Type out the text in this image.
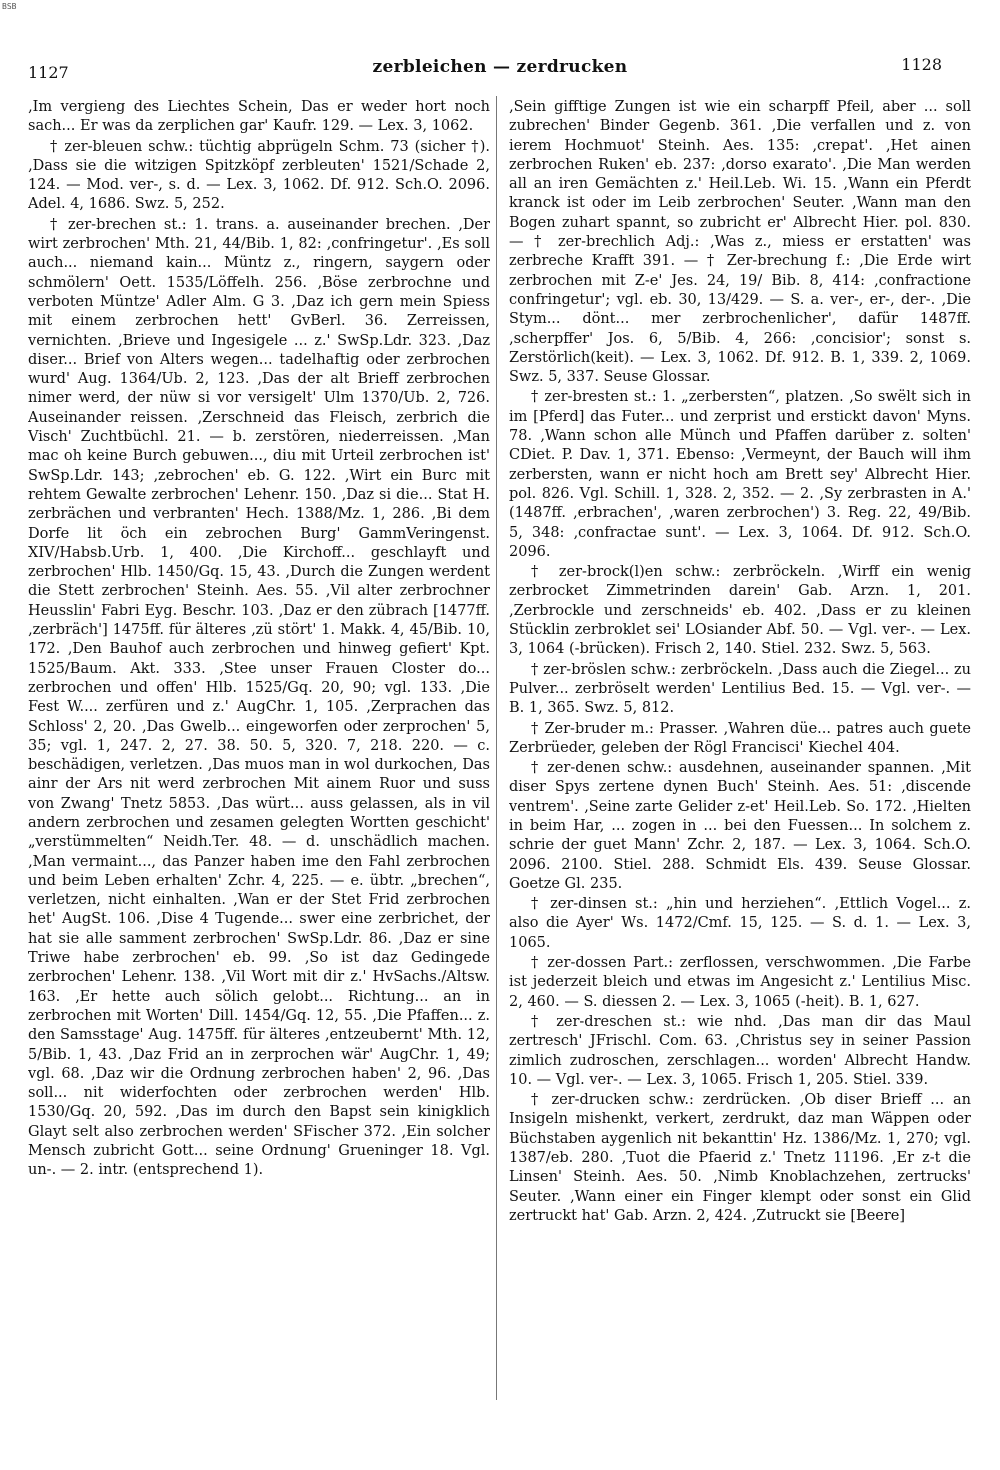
BSB
1127	zerbleichen — zerdrucken	1128

‚Im vergieng des Liechtes Schein, Das er weder hort noch sach... Er was da zerplichen gar' Kaufr. 129. — Lex. 3, 1062.

† zer-bleuen schw.: tüchtig abprügeln Schm. 73 (sicher †). ‚Dass sie die witzigen Spitzköpf zerbleuten' 1521/Schade 2, 124. — Mod. ver-, s. d. — Lex. 3, 1062. Df. 912. Sch.O. 2096. Adel. 4, 1686. Swz. 5, 252.

† zer-brechen st.: 1. trans. a. auseinander brechen. ‚Der wirt zerbrochen' Mth. 21, 44/Bib. 1, 82: ‚confringetur'. ‚Es soll auch... niemand kain... Müntz z., ringern, saygern oder schmölern' Oett. 1535/Löffelh. 256. ‚Böse zerbrochne und verboten Müntze' Adler Alm. G 3. ‚Daz ich gern mein Spiess mit einem zerbrochen hett' GvBerl. 36. Zerreissen, vernichten. ‚Brieve und Ingesigele ... z.' SwSp.Ldr. 323. ‚Daz diser... Brief von Alters wegen... tadelhaftig oder zerbrochen wurd' Aug. 1364/Ub. 2, 123. ‚Das der alt Brieff zerbrochen nimer werd, der nüw si vor versigelt' Ulm 1370/Ub. 2, 726. Auseinander reissen. ‚Zerschneid das Fleisch, zerbrich die Visch' Zuchtbüchl. 21. — b. zerstören, niederreissen. ‚Man mac oh keine Burch gebuwen..., diu mit Urteil zerbrochen ist' SwSp.Ldr. 143; ‚zebrochen' eb. G. 122. ‚Wirt ein Burc mit rehtem Gewalte zerbrochen' Lehenr. 150. ‚Daz si die... Stat H. zerbrächen und verbranten' Hech. 1388/Mz. 1, 286. ‚Bi dem Dorfe lit öch ein zebrochen Burg' GammVeringenst. XIV/Habsb.Urb. 1, 400. ‚Die Kirchoff... geschlayft und zerbrochen' Hlb. 1450/Gq. 15, 43. ‚Durch die Zungen werdent die Stett zerbrochen' Steinh. Aes. 55. ‚Vil alter zerbrochner Heusslin' Fabri Eyg. Beschr. 103. ‚Daz er den zübrach [1477ff. ‚zerbräch'] 1475ff. für älteres ‚zü stört' 1. Makk. 4, 45/Bib. 10, 172. ‚Den Bauhof auch zerbrochen und hinweg gefiert' Kpt. 1525/Baum. Akt. 333. ‚Stee unser Frauen Closter do... zerbrochen und offen' Hlb. 1525/Gq. 20, 90; vgl. 133. ‚Die Fest W.... zerfüren und z.' AugChr. 1, 105. ‚Zerprachen das Schloss' 2, 20. ‚Das Gwelb... eingeworfen oder zerprochen' 5, 35; vgl. 1, 247. 2, 27. 38. 50. 5, 320. 7, 218. 220. — c. beschädigen, verletzen. ‚Das muos man in wol durkochen, Das ainr der Ars nit werd zerbrochen Mit ainem Ruor und suss von Zwang' Tnetz 5853. ‚Das würt... auss gelassen, als in vil andern zerbrochen und zesamen gelegten Wortten geschicht' „verstümmelten“ Neidh.Ter. 48. — d. unschädlich machen. ‚Man vermaint..., das Panzer haben ime den Fahl zerbrochen und beim Leben erhalten' Zchr. 4, 225. — e. übtr. „brechen“, verletzen, nicht einhalten. ‚Wan er der Stet Frid zerbrochen het' AugSt. 106. ‚Dise 4 Tugende... swer eine zerbrichet, der hat sie alle samment zerbrochen' SwSp.Ldr. 86. ‚Daz er sine Triwe habe zerbrochen' eb. 99. ‚So ist daz Gedingede zerbrochen' Lehenr. 138. ‚Vil Wort mit dir z.' HvSachs./Altsw. 163. ‚Er hette auch sölich gelobt... Richtung... an in zerbrochen mit Worten' Dill. 1454/Gq. 12, 55. ‚Die Pfaffen... z. den Samsstage' Aug. 1475ff. für älteres ‚entzeubernt' Mth. 12, 5/Bib. 1, 43. ‚Daz Frid an in zerprochen wär' AugChr. 1, 49; vgl. 68. ‚Daz wir die Ordnung zerbrochen haben' 2, 96. ‚Das soll... nit widerfochten oder zerbrochen werden' Hlb. 1530/Gq. 20, 592. ‚Das im durch den Bapst sein kinigklich Glayt selt also zerbrochen werden' SFischer 372. ‚Ein solcher Mensch zubricht Gott... seine Ordnung' Grueninger 18. Vgl. un-. — 2. intr. (entsprechend 1).

‚Sein gifftige Zungen ist wie ein scharpff Pfeil, aber ... soll zubrechen' Binder Gegenb. 361. ‚Die verfallen und z. von ierem Hochmuot' Steinh. Aes. 135: ‚crepat'. ‚Het ainen zerbrochen Ruken' eb. 237: ‚dorso exarato'. ‚Die Man werden all an iren Gemächten z.' Heil.Leb. Wi. 15. ‚Wann ein Pferdt kranck ist oder im Leib zerbrochen' Seuter. ‚Wann man den Bogen zuhart spannt, so zubricht er' Albrecht Hier. pol. 830. — † zer-brechlich Adj.: ‚Was z., miess er erstatten' was zerbreche Krafft 391. — † Zer-brechung f.: ‚Die Erde wirt zerbrochen mit Z-e' Jes. 24, 19/ Bib. 8, 414: ‚confractione confringetur'; vgl. eb. 30, 13/429. — S. a. ver-, er-, der-. ‚Die Stym... dönt... mer zerbrochenlicher', dafür 1487ff. ‚scherpffer' Jos. 6, 5/Bib. 4, 266: ‚concisior'; sonst s. Zerstörlich(keit). — Lex. 3, 1062. Df. 912. B. 1, 339. 2, 1069. Swz. 5, 337. Seuse Glossar.

† zer-bresten st.: 1. „zerbersten“, platzen. ‚So swëlt sich in im [Pferd] das Futer... und zerprist und erstickt davon' Myns. 78. ‚Wann schon alle Münch und Pfaffen darüber z. solten' CDiet. P. Dav. 1, 371. Ebenso: ‚Vermeynt, der Bauch will ihm zerbersten, wann er nicht hoch am Brett sey' Albrecht Hier. pol. 826. Vgl. Schill. 1, 328. 2, 352. — 2. ‚Sy zerbrasten in A.' (1487ff. ‚erbrachen', ‚waren zerbrochen') 3. Reg. 22, 49/Bib. 5, 348: ‚confractae sunt'. — Lex. 3, 1064. Df. 912. Sch.O. 2096.

† zer-brock(l)en schw.: zerbröckeln. ‚Wirff ein wenig zerbrocket Zimmetrinden darein' Gab. Arzn. 1, 201. ‚Zerbrockle und zerschneids' eb. 402. ‚Dass er zu kleinen Stücklin zerbroklet sei' LOsiander Abf. 50. — Vgl. ver-. — Lex. 3, 1064 (-brücken). Frisch 2, 140. Stiel. 232. Swz. 5, 563.

† zer-bröslen schw.: zerbröckeln. ‚Dass auch die Ziegel... zu Pulver... zerbröselt werden' Lentilius Bed. 15. — Vgl. ver-. — B. 1, 365. Swz. 5, 812.

† Zer-bruder m.: Prasser. ‚Wahren düe... patres auch guete Zerbrüeder, geleben der Rögl Francisci' Kiechel 404.

† zer-denen schw.: ausdehnen, auseinander spannen. ‚Mit diser Spys zertene dynen Buch' Steinh. Aes. 51: ‚discende ventrem'. ‚Seine zarte Gelider z-et' Heil.Leb. So. 172. ‚Hielten in beim Har, ... zogen in ... bei den Fuessen... In solchem z. schrie der guet Mann' Zchr. 2, 187. — Lex. 3, 1064. Sch.O. 2096. 2100. Stiel. 288. Schmidt Els. 439. Seuse Glossar. Goetze Gl. 235.

† zer-dinsen st.: „hin und herziehen“. ‚Ettlich Vogel... z. also die Ayer' Ws. 1472/Cmf. 15, 125. — S. d. 1. — Lex. 3, 1065.

† zer-dossen Part.: zerflossen, verschwommen. ‚Die Farbe ist jederzeit bleich und etwas im Angesicht z.' Lentilius Misc. 2, 460. — S. diessen 2. — Lex. 3, 1065 (-heit). B. 1, 627.

† zer-dreschen st.: wie nhd. ‚Das man dir das Maul zertresch' JFrischl. Com. 63. ‚Christus sey in seiner Passion zimlich zudroschen, zerschlagen... worden' Albrecht Handw. 10. — Vgl. ver-. — Lex. 3, 1065. Frisch 1, 205. Stiel. 339.

† zer-drucken schw.: zerdrücken. ‚Ob diser Brieff ... an Insigeln mishenkt, verkert, zerdrukt, daz man Wäppen oder Büchstaben aygenlich nit bekanttin' Hz. 1386/Mz. 1, 270; vgl. 1387/eb. 280. ‚Tuot die Pfaerid z.' Tnetz 11196. ‚Er z-t die Linsen' Steinh. Aes. 50. ‚Nimb Knoblachzehen, zertrucks' Seuter. ‚Wann einer ein Finger klempt oder sonst ein Glid zertruckt hat' Gab. Arzn. 2, 424. ‚Zutruckt sie [Beere]
